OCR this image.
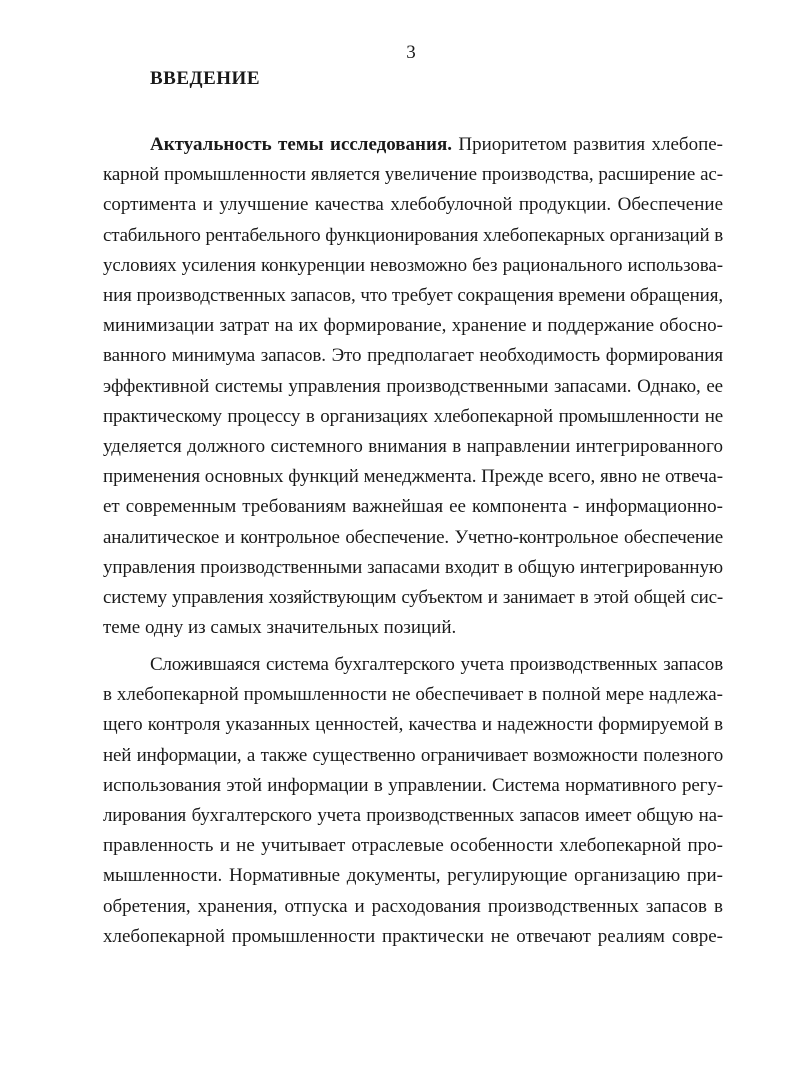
3
ВВЕДЕНИЕ
Актуальность темы исследования. Приоритетом развития хлебопе-
карной промышленности является увеличение производства, расширение ас-
сортимента и улучшение качества хлебобулочной продукции. Обеспечение
стабильного рентабельного функционирования хлебопекарных организаций в
условиях усиления конкуренции невозможно без рационального использова-
ния производственных запасов, что требует сокращения времени обращения,
минимизации затрат на их формирование, хранение и поддержание обосно-
ванного минимума запасов. Это предполагает необходимость формирования
эффективной системы управления производственными запасами. Однако, ее
практическому процессу в организациях хлебопекарной промышленности не
уделяется должного системного внимания в направлении интегрированного
применения основных функций менеджмента. Прежде всего, явно не отвеча-
ет современным требованиям важнейшая ее компонента - информационно-
аналитическое и контрольное обеспечение. Учетно-контрольное обеспечение
управления производственными запасами входит в общую интегрированную
систему управления хозяйствующим субъектом и занимает в этой общей сис-
теме одну из самых значительных позиций.
Сложившаяся система бухгалтерского учета производственных запасов
в хлебопекарной промышленности не обеспечивает в полной мере надлежа-
щего контроля указанных ценностей, качества и надежности формируемой в
ней информации, а также существенно ограничивает возможности полезного
использования этой информации в управлении. Система нормативного регу-
лирования бухгалтерского учета производственных запасов имеет общую на-
правленность и не учитывает отраслевые особенности хлебопекарной про-
мышленности. Нормативные документы, регулирующие организацию при-
обретения, хранения, отпуска и расходования производственных запасов в
хлебопекарной промышленности практически не отвечают реалиям совре-
